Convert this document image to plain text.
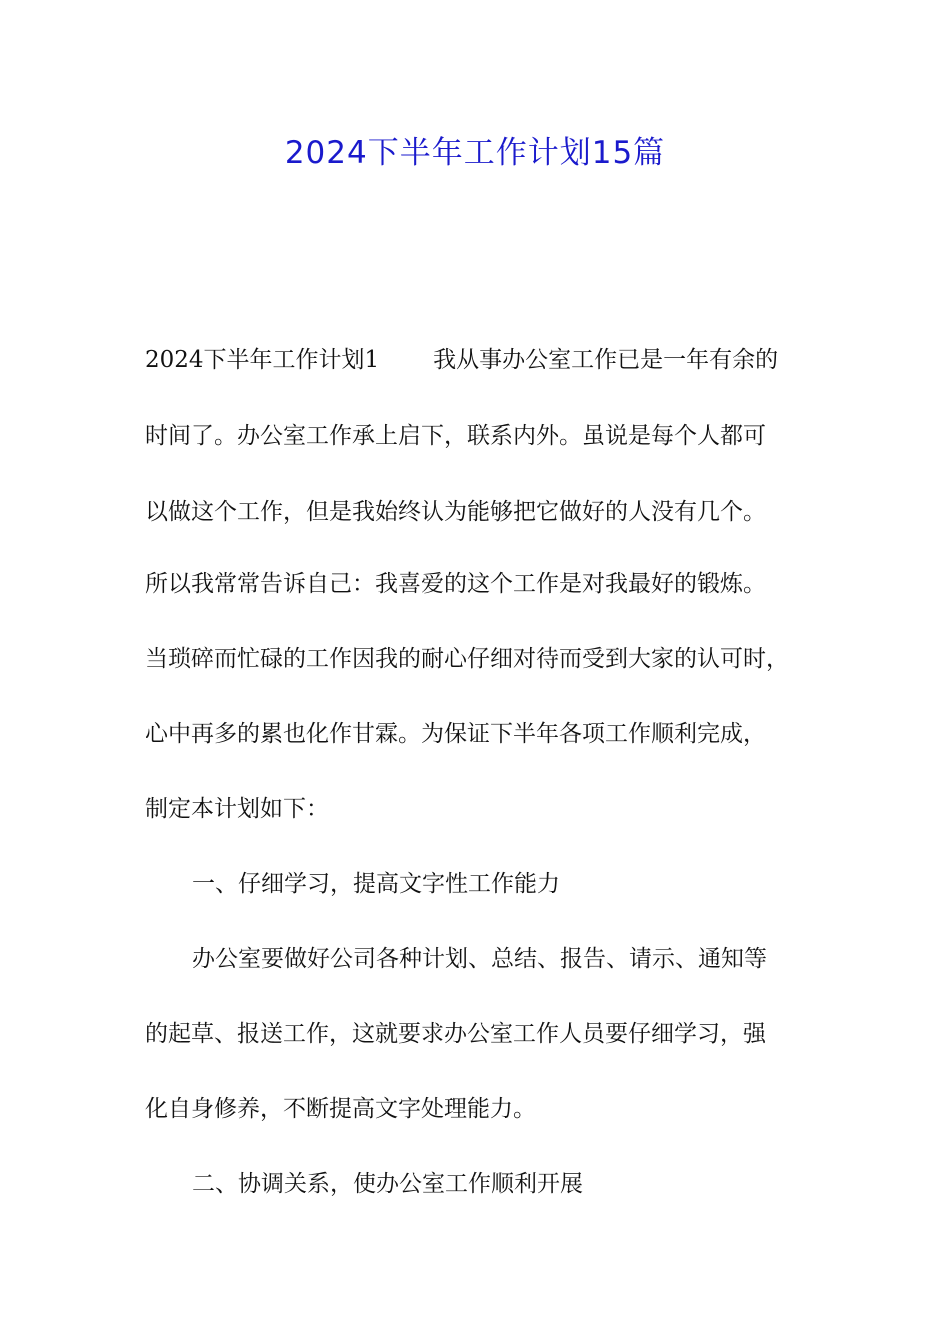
2024下半年工作计划15篇

2024下半年工作计划1 我从事办公室工作已是一年有余的

时间了。办公室工作承上启下，联系内外。虽说是每个人都可

以做这个工作，但是我始终认为能够把它做好的人没有几个。

所以我常常告诉自己：我喜爱的这个工作是对我最好的锻炼。

当琐碎而忙碌的工作因我的耐心仔细对待而受到大家的认可时，

心中再多的累也化作甘霖。为保证下半年各项工作顺利完成，

制定本计划如下：

一、仔细学习，提高文字性工作能力

办公室要做好公司各种计划、总结、报告、请示、通知等

的起草、报送工作，这就要求办公室工作人员要仔细学习，强

化自身修养，不断提高文字处理能力。

二、协调关系，使办公室工作顺利开展
